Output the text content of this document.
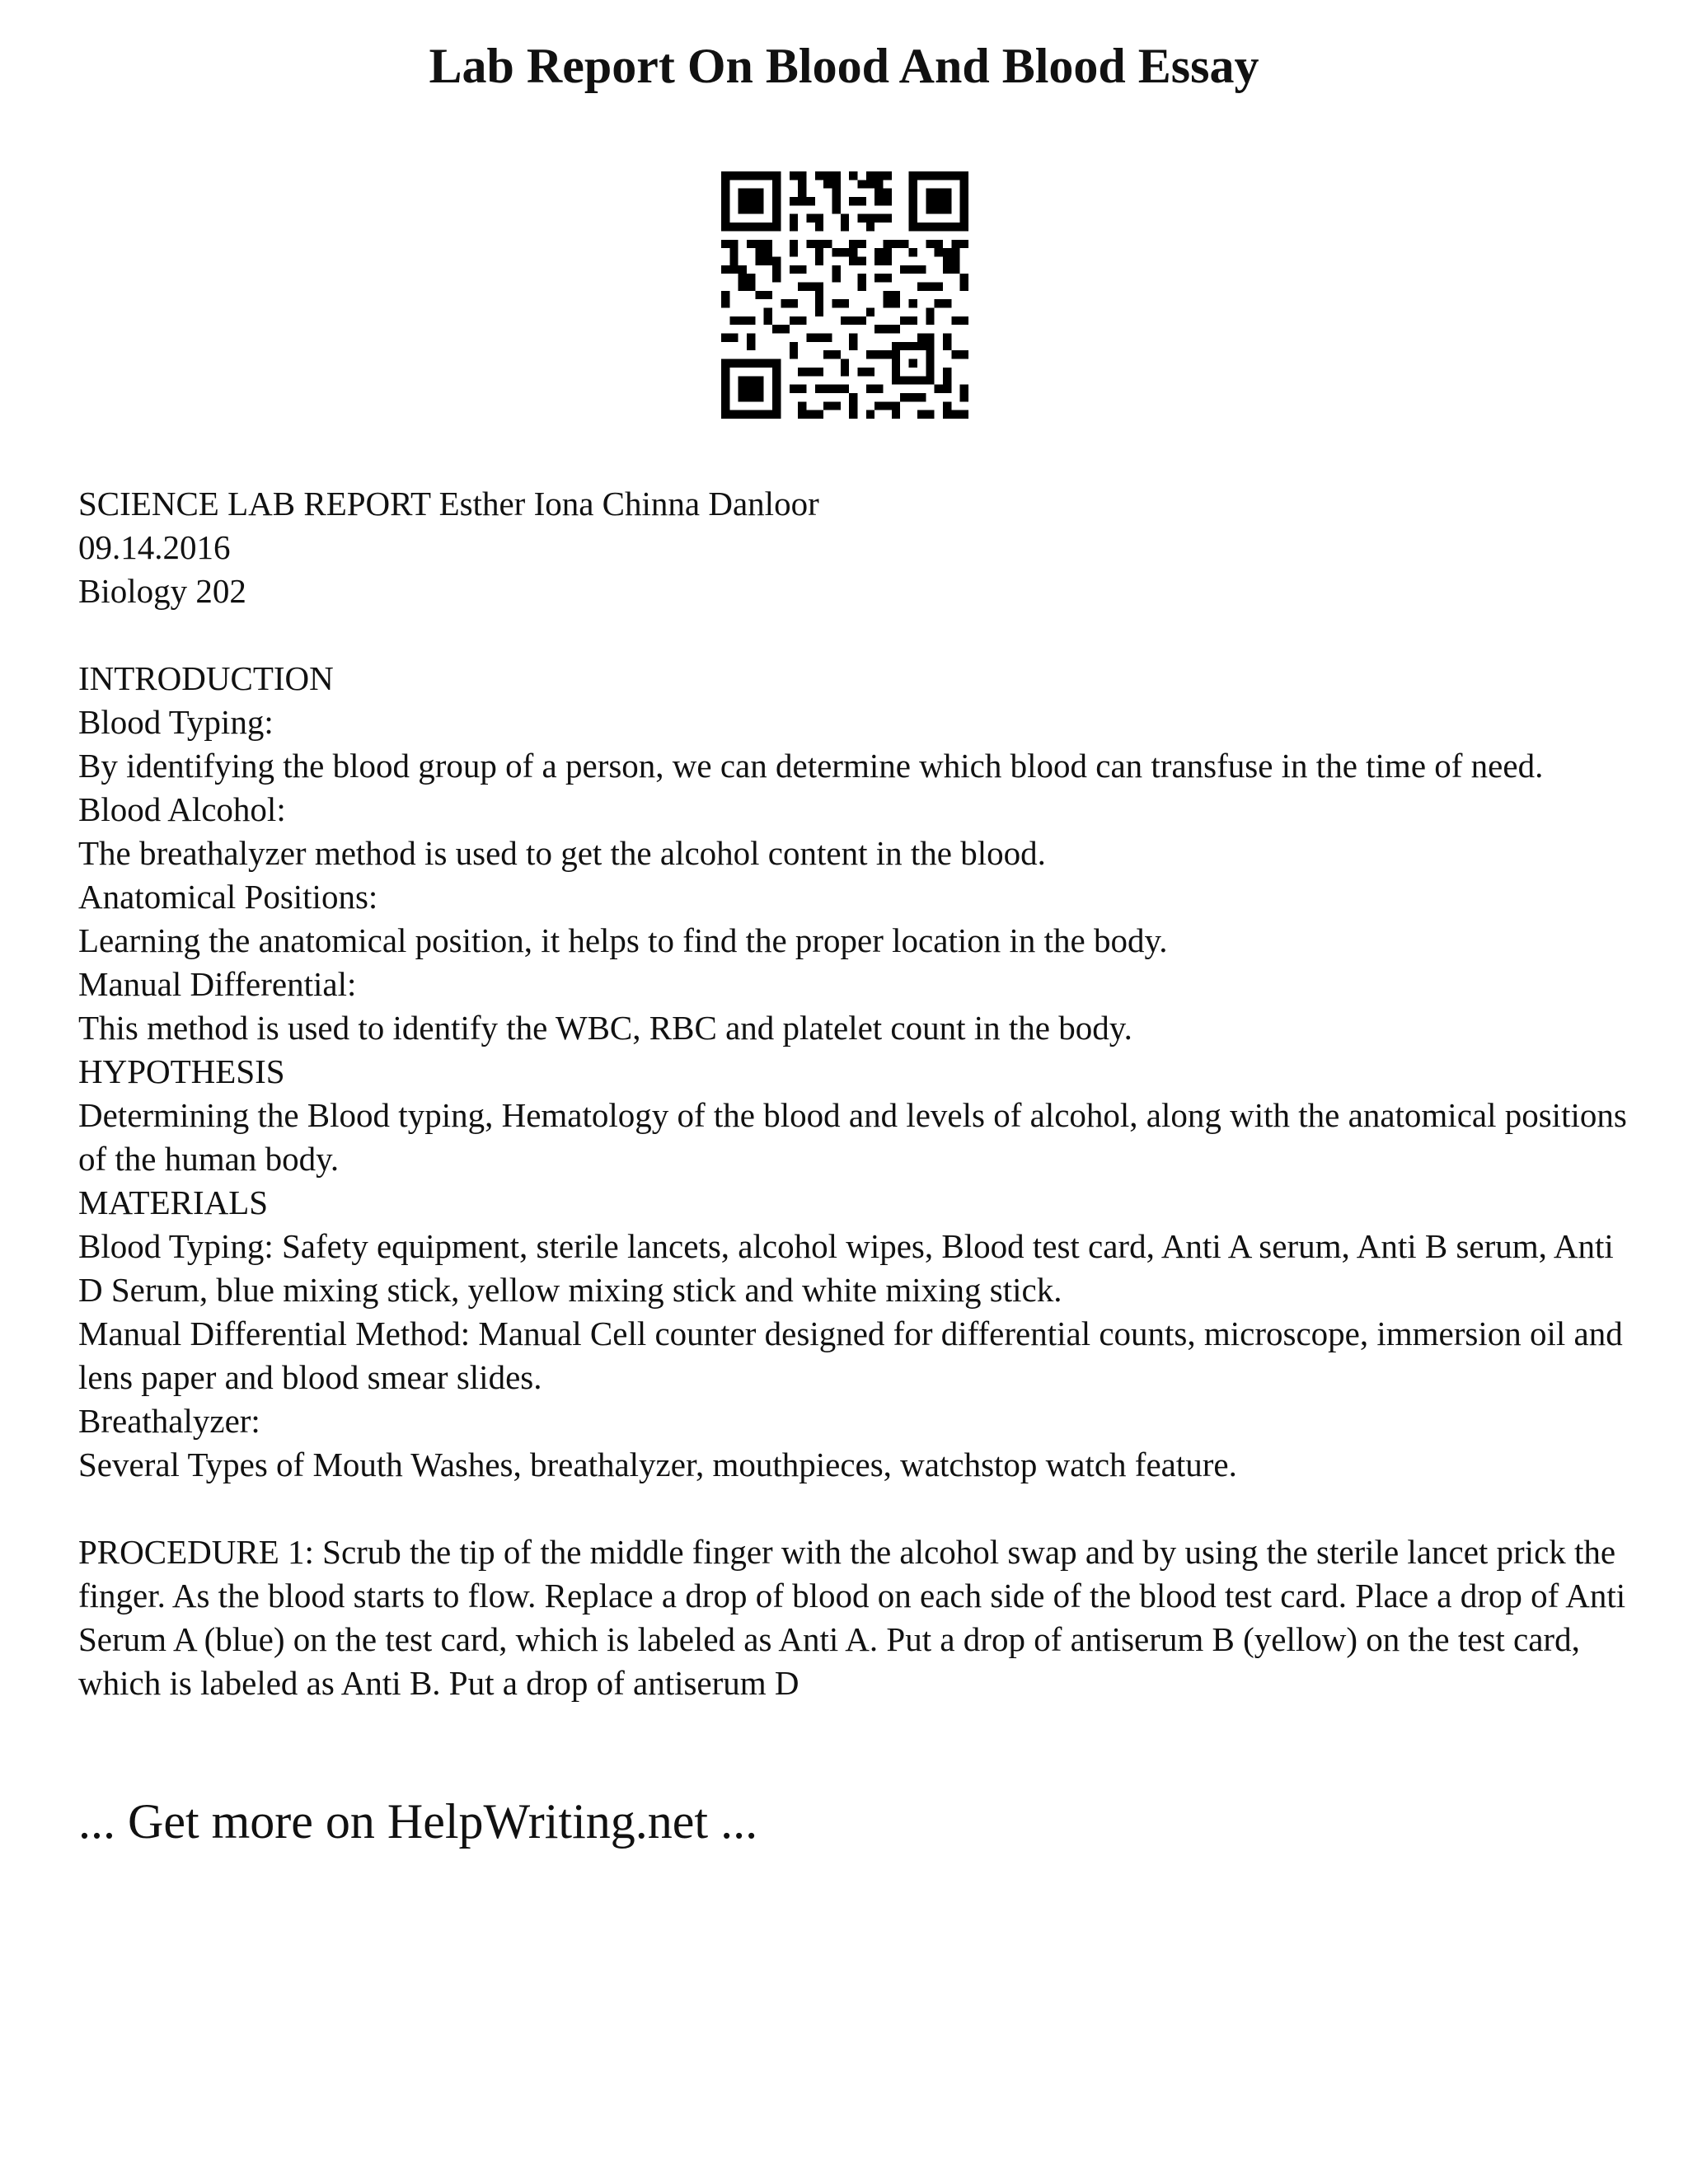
Lab Report On Blood And Blood Essay

SCIENCE LAB REPORT Esther Iona Chinna Danloor

09.14.2016

Biology 202

INTRODUCTION

Blood Typing:

By identifying the blood group of a person, we can determine which blood can transfuse in the time of need.

Blood Alcohol:

The breathalyzer method is used to get the alcohol content in the blood.

Anatomical Positions:

Learning the anatomical position, it helps to find the proper location in the body.

Manual Differential:

This method is used to identify the WBC, RBC and platelet count in the body.

HYPOTHESIS

Determining the Blood typing, Hematology of the blood and levels of alcohol, along with the anatomical positions of the human body.

MATERIALS

Blood Typing: Safety equipment, sterile lancets, alcohol wipes, Blood test card, Anti A serum, Anti B serum, Anti D Serum, blue mixing stick, yellow mixing stick and white mixing stick.

Manual Differential Method: Manual Cell counter designed for differential counts, microscope, immersion oil and lens paper and blood smear slides.

Breathalyzer:

Several Types of Mouth Washes, breathalyzer, mouthpieces, watchstop watch feature.

PROCEDURE 1: Scrub the tip of the middle finger with the alcohol swap and by using the sterile lancet prick the finger. As the blood starts to flow. Replace a drop of blood on each side of the blood test card. Place a drop of Anti Serum A (blue) on the test card, which is labeled as Anti A. Put a drop of antiserum B (yellow) on the test card, which is labeled as Anti B. Put a drop of antiserum D

... Get more on HelpWriting.net ...
